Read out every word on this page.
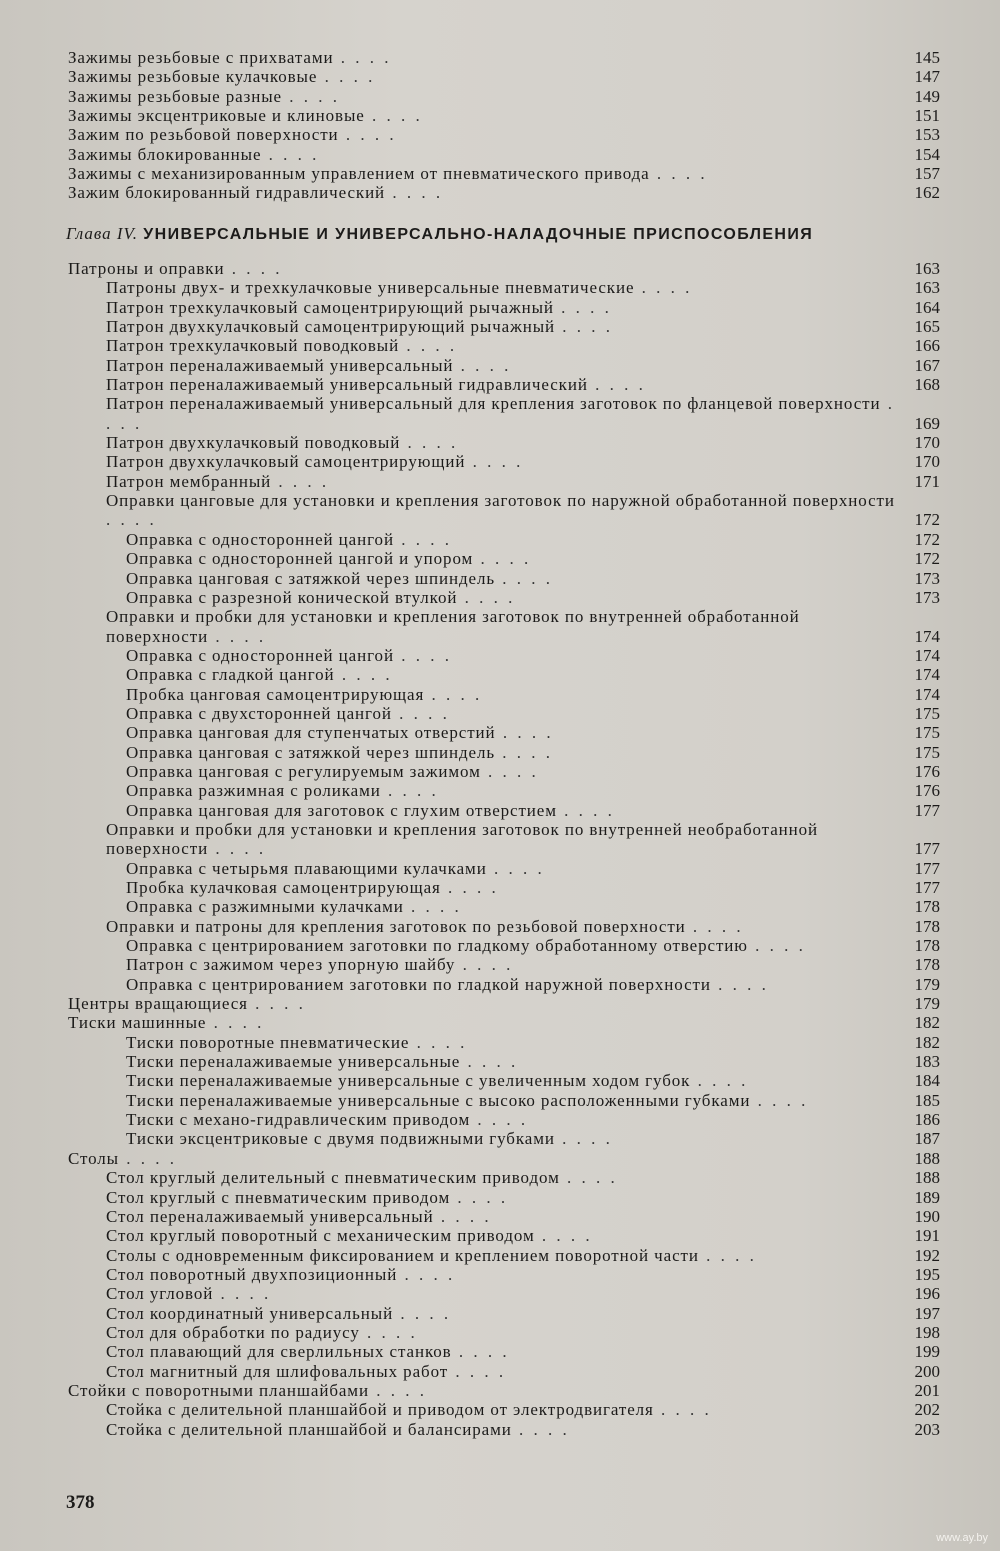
Зажимы резьбовые с прихватами . . . .	145
Зажимы резьбовые кулачковые . . . .	147
Зажимы резьбовые разные . . . .	149
Зажимы эксцентриковые и клиновые . . . .	151
Зажим по резьбовой поверхности . . . .	153
Зажимы блокированные . . . .	154
Зажимы с механизированным управлением от пневматического привода . . . .	157
Зажим блокированный гидравлический . . . .	162
Глава IV. УНИВЕРСАЛЬНЫЕ И УНИВЕРСАЛЬНО-НАЛАДОЧНЫЕ ПРИСПОСОБЛЕНИЯ
Патроны и оправки . . . .	163
Патроны двух- и трехкулачковые универсальные пневматические . . . .	163
Патрон трехкулачковый самоцентрирующий рычажный . . . .	164
Патрон двухкулачковый самоцентрирующий рычажный . . . .	165
Патрон трехкулачковый поводковый . . . .	166
Патрон переналаживаемый универсальный . . . .	167
Патрон переналаживаемый универсальный гидравлический . . . .	168
Патрон переналаживаемый универсальный для крепления заготовок по фланцевой поверхности . . . .	169
Патрон двухкулачковый поводковый . . . .	170
Патрон двухкулачковый самоцентрирующий . . . .	170
Патрон мембранный . . . .	171
Оправки цанговые для установки и крепления заготовок по наружной обработанной поверхности . . . .	172
Оправка с односторонней цангой . . . .	172
Оправка с односторонней цангой и упором . . . .	172
Оправка цанговая с затяжкой через шпиндель . . . .	173
Оправка с разрезной конической втулкой . . . .	173
Оправки и пробки для установки и крепления заготовок по внутренней обработанной поверхности . . . .	174
Оправка с односторонней цангой . . . .	174
Оправка с гладкой цангой . . . .	174
Пробка цанговая самоцентрирующая . . . .	174
Оправка с двухсторонней цангой . . . .	175
Оправка цанговая для ступенчатых отверстий . . . .	175
Оправка цанговая с затяжкой через шпиндель . . . .	175
Оправка цанговая с регулируемым зажимом . . . .	176
Оправка разжимная с роликами . . . .	176
Оправка цанговая для заготовок с глухим отверстием . . . .	177
Оправки и пробки для установки и крепления заготовок по внутренней необработанной поверхности . . . .	177
Оправка с четырьмя плавающими кулачками . . . .	177
Пробка кулачковая самоцентрирующая . . . .	177
Оправка с разжимными кулачками . . . .	178
Оправки и патроны для крепления заготовок по резьбовой поверхности . . . .	178
Оправка с центрированием заготовки по гладкому обработанному отверстию . . . .	178
Патрон с зажимом через упорную шайбу . . . .	178
Оправка с центрированием заготовки по гладкой наружной поверхности . . . .	179
Центры вращающиеся . . . .	179
Тиски машинные . . . .	182
Тиски поворотные пневматические . . . .	182
Тиски переналаживаемые универсальные . . . .	183
Тиски переналаживаемые универсальные с увеличенным ходом губок . . . .	184
Тиски переналаживаемые универсальные с высоко расположенными губками . . . .	185
Тиски с механо-гидравлическим приводом . . . .	186
Тиски эксцентриковые с двумя подвижными губками . . . .	187
Столы . . . .	188
Стол круглый делительный с пневматическим приводом . . . .	188
Стол круглый с пневматическим приводом . . . .	189
Стол переналаживаемый универсальный . . . .	190
Стол круглый поворотный с механическим приводом . . . .	191
Столы с одновременным фиксированием и креплением поворотной части . . . .	192
Стол поворотный двухпозиционный . . . .	195
Стол угловой . . . .	196
Стол координатный универсальный . . . .	197
Стол для обработки по радиусу . . . .	198
Стол плавающий для сверлильных станков . . . .	199
Стол магнитный для шлифовальных работ . . . .	200
Стойки с поворотными планшайбами . . . .	201
Стойка с делительной планшайбой и приводом от электродвигателя . . . .	202
Стойка с делительной планшайбой и балансирами . . . .	203
378
www.ay.by
